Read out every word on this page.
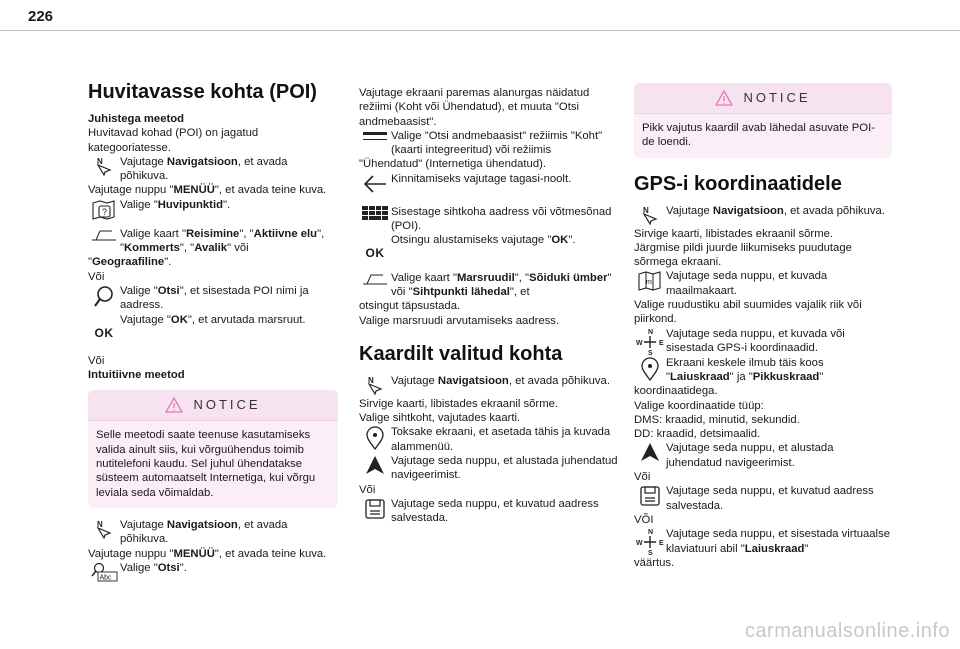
226
Huvitavasse kohta (POI)

Juhistega meetod

Huvitavad kohad (POI) on jagatud kategooriatesse.

N Vajutage Navigatsioon, et avada põhikuva.

Vajutage nuppu "MENÜÜ", et avada teine kuva.

?
Valige "Huvipunktid".
Valige kaart "Reisimine", "Aktiivne elu",
"Kommerts", "Avalik" või

"Geograafiline".

Või

Valige "Otsi", et sisestada POI nimi ja aadress.
OK
Vajutage "OK", et arvutada marsruut.

Või

Intuitiivne meetod

NOTICE
Selle meetodi saate teenuse kasutamiseks valida ainult siis, kui võrguühendus toimib nutitelefoni kaudu. Sel juhul ühendatakse süsteem automaatselt Internetiga, kui võrgu leviala seda võimaldab.
N Vajutage Navigatsioon, et avada põhikuva.

Vajutage nuppu "MENÜÜ", et avada teine kuva.

Abc
Valige "Otsi".

Vajutage ekraani paremas alanurgas näidatud režiimi (Koht või Ühendatud), et muuta "Otsi andmebaasist".

Valige "Otsi andmebaasist" režiimis "Koht" (kaarti integreeritud) või režiimis

"Ühendatud" (Internetiga ühendatud).

Kinnitamiseks vajutage tagasi-noolt.
Sisestage sihtkoha aadress või võtmesõnad (POI).
OK
Otsingu alustamiseks vajutage "OK".
Valige kaart "Marsruudil", "Sõiduki ümber" või "Sihtpunkti lähedal", et

otsingut täpsustada.

Valige marsruudi arvutamiseks aadress.

Kaardilt valitud kohta
N Vajutage Navigatsioon, et avada põhikuva.

Sirvige kaarti, libistades ekraanil sõrme.

Valige sihtkoht, vajutades kaarti.

Toksake ekraani, et asetada tähis ja kuvada alammenüü.
Vajutage seda nuppu, et alustada juhendatud navigeerimist.

Või

Vajutage seda nuppu, et kuvatud aadress salvestada.
NOTICE
Pikk vajutus kaardil avab lähedal asuvate POI-de loendi.
GPS-i koordinaatidele
N Vajutage Navigatsioon, et avada põhikuva.

Sirvige kaarti, libistades ekraanil sõrme.

Järgmise pildi juurde liikumiseks puudutage sõrmega ekraani.

m
Vajutage seda nuppu, et kuvada maailmakaart.

Valige ruudustiku abil suumides vajalik riik või piirkond.

N
S
W E
Vajutage seda nuppu, et kuvada või sisestada GPS-i koordinaadid.
Ekraani keskele ilmub täis koos "Laiuskraad" ja "Pikkuskraad"

koordinaatidega.

Valige koordinaatide tüüp:

DMS: kraadid, minutid, sekundid.

DD: kraadid, detsimaalid.

Vajutage seda nuppu, et alustada juhendatud navigeerimist.

Või

Vajutage seda nuppu, et kuvatud aadress salvestada.

VÕI

N
S
W E
Vajutage seda nuppu, et sisestada virtuaalse klaviatuuri abil "Laiuskraad"

väärtus.

carmanualsonline.info
